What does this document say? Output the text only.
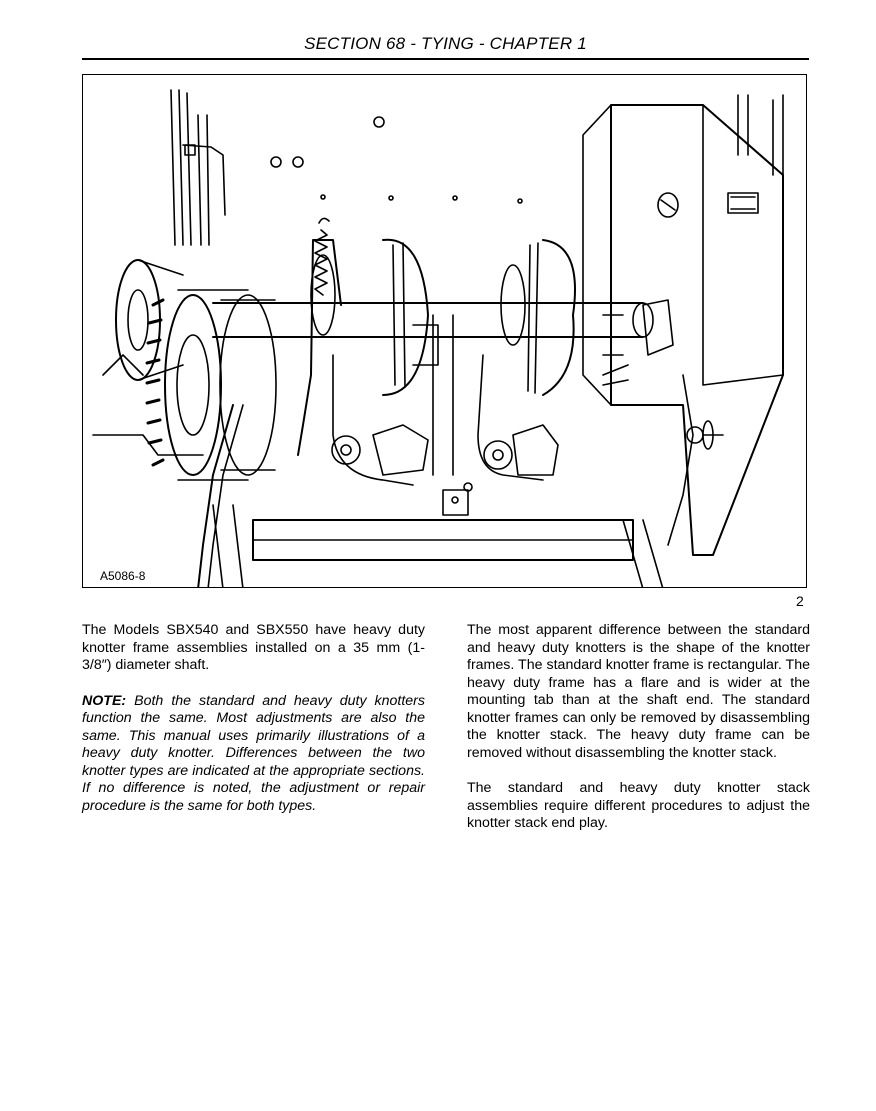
SECTION 68 - TYING - CHAPTER 1
A5086-8
2

The Models SBX540 and SBX550 have heavy duty knotter frame assemblies installed on a 35 mm (1-3/8″) diameter shaft.

NOTE: Both the standard and heavy duty knotters function the same. Most adjustments are also the same. This manual uses primarily illustrations of a heavy duty knotter. Differences between the two knotter types are indicated at the appropriate sections. If no difference is noted, the adjustment or repair procedure is the same for both types.

The most apparent difference between the standard and heavy duty knotters is the shape of the knotter frames. The standard knotter frame is rectangular. The heavy duty frame has a flare and is wider at the mounting tab than at the shaft end. The standard knotter frames can only be removed by disassembling the knotter stack. The heavy duty frame can be removed without disassembling the knotter stack.

The standard and heavy duty knotter stack assemblies require different procedures to adjust the knotter stack end play.
